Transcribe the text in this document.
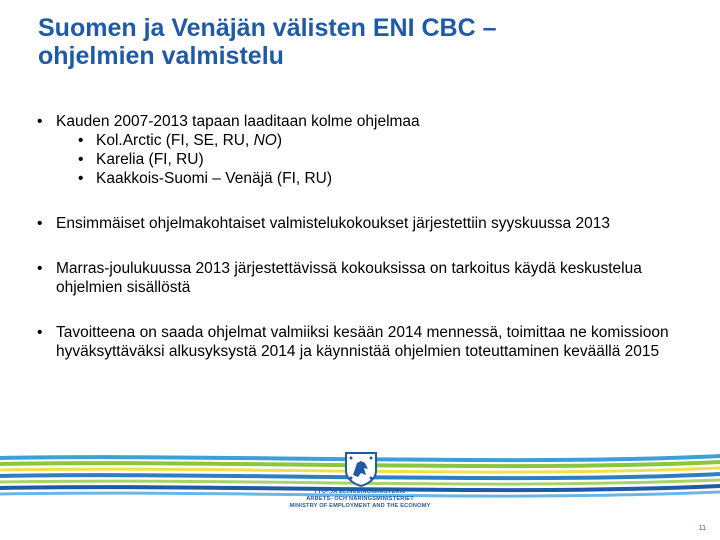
Suomen ja Venäjän välisten ENI CBC –
ohjelmien valmistelu
• Kauden 2007-2013 tapaan laaditaan kolme ohjelmaa
• Kol.Arctic (FI, SE, RU, NO)
• Karelia (FI, RU)
• Kaakkois-Suomi – Venäjä (FI, RU)
• Ensimmäiset ohjelmakohtaiset valmistelukokoukset järjestettiin syyskuussa 2013
• Marras-joulukuussa 2013 järjestettävissä kokouksissa on tarkoitus käydä keskustelua ohjelmien sisällöstä
• Tavoitteena on saada ohjelmat valmiiksi kesään 2014 mennessä, toimittaa ne komissioon hyväksyttäväksi alkusyksystä 2014 ja käynnistää ohjelmien toteuttaminen keväällä 2015
TYÖ- JA ELINKEINOMINISTERIÖ
ARBETS- OCH NÄRINGSMINISTERIET
MINISTRY OF EMPLOYMENT AND THE ECONOMY
11
